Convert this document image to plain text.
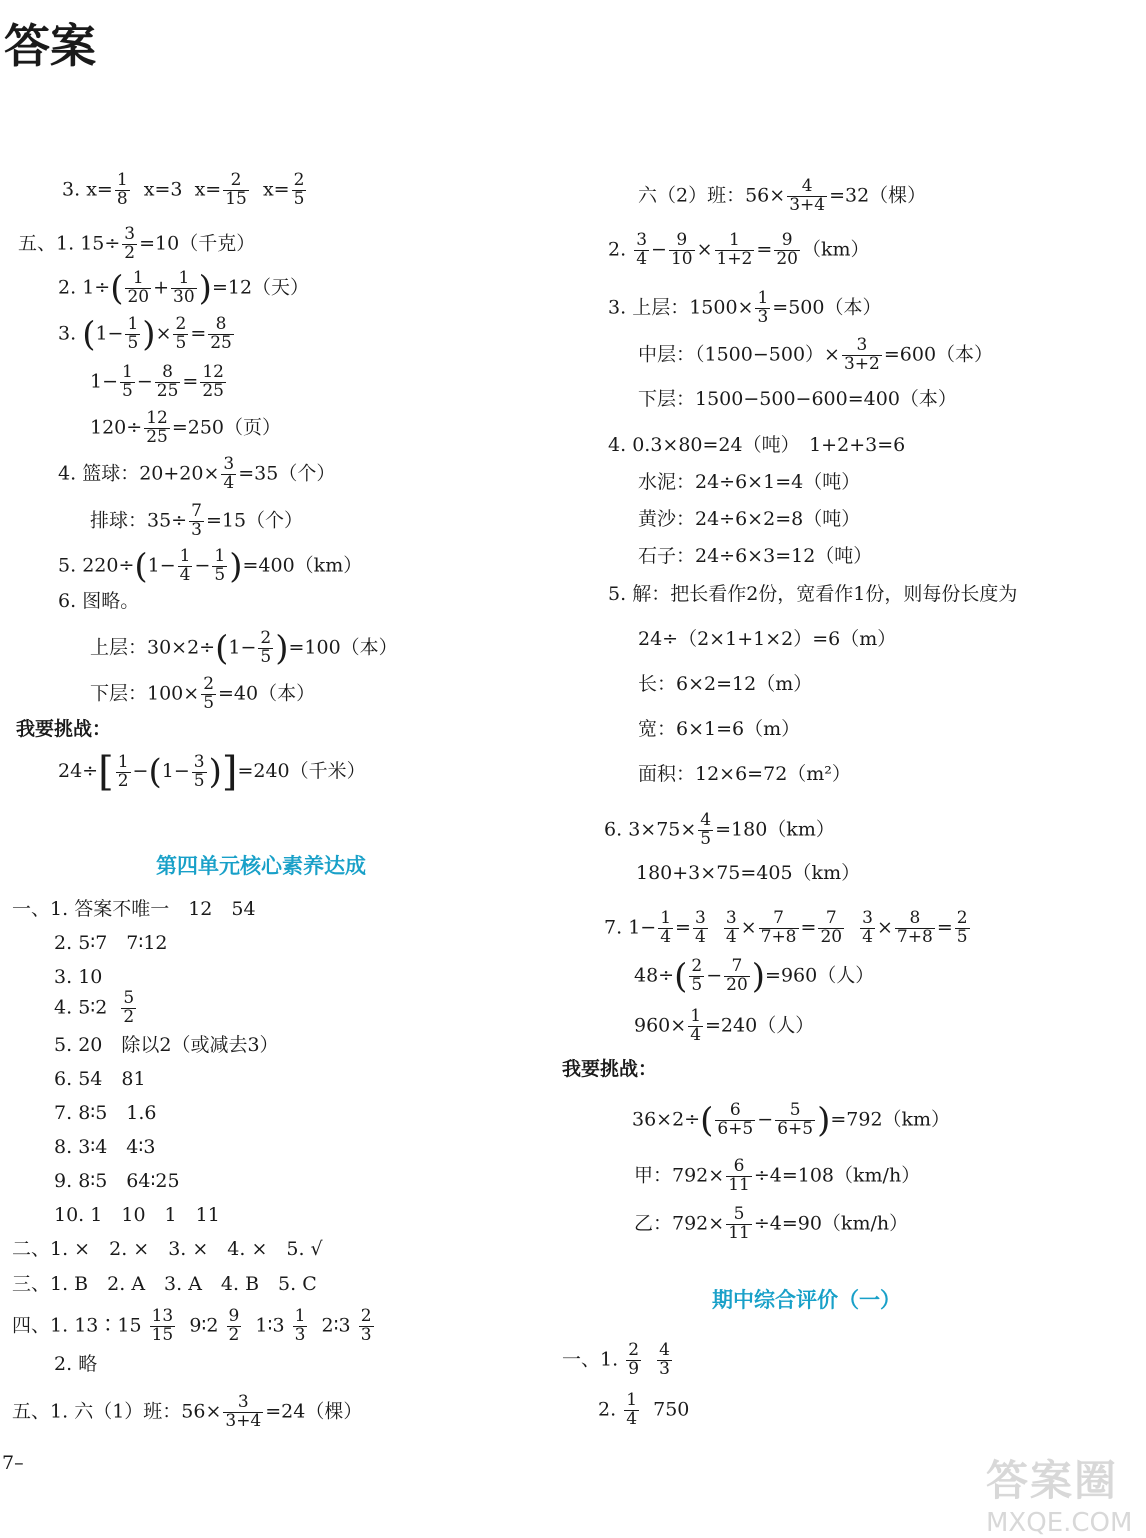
答案
3. $x= \frac{1}{8} x=3$ $x= \frac{2}{15} x= \frac{2}{5}$
五、1. $15\div \frac{3}{2} =10$（千克）
2. $1\div( \frac{1}{20} + \frac{1}{30} )=12$（天）
3. ($1- \frac{1}{5}$ )× $\frac{2}{5} = \frac{8}{25}$
$1- \frac{1}{5} - \frac{8}{25} = \frac{12}{25}$
$120\div \frac{12}{25} =250$（页）
4. 篮球：$20+20\times \frac{3}{4} =35$（个）
排球：$35\div \frac{7}{3} =15$（个）
5. $220\div(1- \frac{1}{4} - \frac{1}{5} )=400(km)$
6. 图略。
上层：$30\times 2\div(1- \frac{2}{5} )=100$（本）
下层：$100\times \frac{2}{5} =40$（本）
我要挑战：
$24\div[ \frac{1}{2} -(1- \frac{3}{5} )]=240$（千米）
第四单元核心素养达成
一、1. 答案不唯一　12　54
2. 5∶7　7∶12
3. 10
4. 5∶2 $\frac{5}{2}$
5. 20　除以2（或减去3）
6. 54　81
7. 8∶5　1.6
8. 3∶4　4∶3
9. 8∶5　64∶25
10. 1　10　1　11
二、1. ×　2. ×　3. ×　4. ×　5. √
三、1. B　2. A　3. A　4. B　5. C
四、1. 13∶15 $\frac{13}{15}$ 9∶2 $\frac{9}{2}$ 1∶3 $\frac{1}{3}$ 2∶3 $\frac{2}{3}$
2. 略
五、1. 六（1）班：$56\times \frac{3}{3+4} =24$（棵）
六（2）班：$56\times \frac{4}{3+4} =32$（棵）
2. $\frac{3}{4} - \frac{9}{10} \times \frac{1}{1+2} = \frac{9}{20} (km)$
3. 上层：$1500\times \frac{1}{3} =500$（本）
中层：$(1500-500)\times \frac{3}{3+2} =600$（本）
下层：1500−500−600=400（本）
4. 0.3×80=24（吨）　1+2+3=6
水泥：24÷6×1=4（吨）
黄沙：24÷6×2=8（吨）
石子：24÷6×3=12（吨）
5. 解：把长看作2份，宽看作1份，则每份长度为
24÷（2×1+1×2）=6（m）
长：6×2=12（m）
宽：6×1=6（m）
面积：12×6=72（m²）
6. $3\times 75\times \frac{4}{5} =180(km)$
180+3×75=405（km）
7. $1- \frac{1}{4} = \frac{3}{4}$
$\frac{3}{4} \times \frac{7}{7+8} = \frac{7}{20}$
$\frac{3}{4} \times \frac{8}{7+8} = \frac{2}{5}$
$48\div( \frac{2}{5} - \frac{7}{20} )=960$（人）
$960\times \frac{1}{4} =240$（人）
我要挑战：
$36\times 2\div( \frac{6}{6+5} - \frac{5}{6+5} )=792(km)$
甲：$792\times \frac{6}{11} \div 4=108(km/h)$
乙：$792\times \frac{5}{11} \div 4=90(km/h)$
期中综合评价（一）
一、1. $\frac{2}{9}$
$\frac{4}{3}$
2. $\frac{1}{4} 750$
7–	答案圈
MXQE.COM
